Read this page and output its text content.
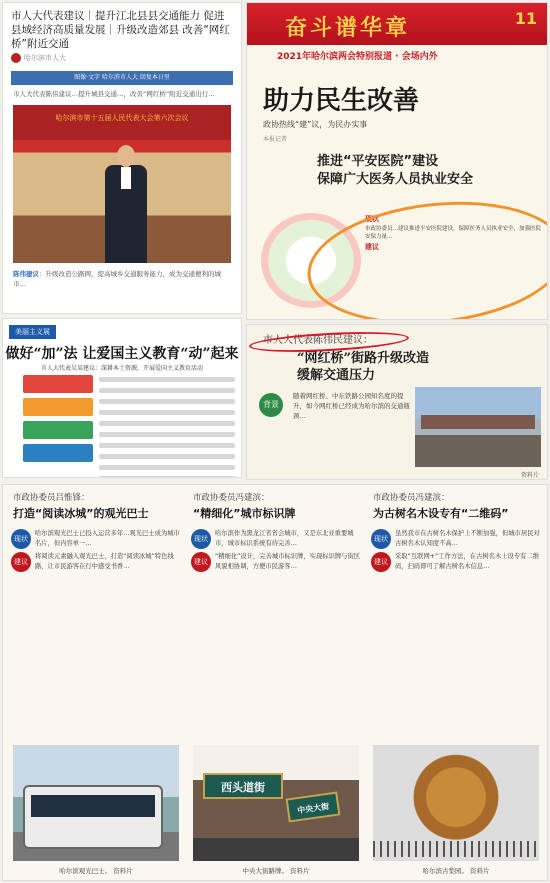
市人大代表建议｜提升江北县县交通能力 促进县域经济高质量发展｜升级改造郊县 改善“网红桥”附近交通
哈尔滨市人大
图像·文字 哈尔滨市人大 回复本日里
市人大代表陈伟建议…提升城县交通…，改善“网红桥”附近交通出行…
哈尔滨市第十五届人民代表大会第六次会议
陈伟建议：升级改造公路网，提高城乡交通服务能力，成为交通便利的城市…
奋斗谱华章	11
2021年哈尔滨两会特别报道 · 会场内外
助力民生改善
政协热线“建”议，为民办实事
本报记者
推进“平安医院”建设
保障广大医务人员执业安全
现状
市政协委员…建议推进平安医院建设，保障医务人员执业安全，加强医院安保力量…
建议
美丽主义展
做好“加”法 让爱国主义教育“动”起来
市人大代表吴某建议：深耕本土资源，开展爱国主义教育活动
市人大代表陈伟民建议：
“网红桥”街路升级改造
缓解交通压力
背景
随着网红桥、中东铁路公园知名度的提升，如今网红桥已经成为哈尔滨的交通瓶颈…
资料片
市政协委员吕惟锋：
打造“阅读冰城”的观光巴士
现状
哈尔滨观光巴士已投入运营多年…观光巴士成为城市名片，但内容单一…
建议
将阅读元素融入观光巴士，打造“阅读冰城”特色线路，让市民游客在行中感受书香…
哈尔滨观光巴士。 资料片
市政协委员冯建滨：
“精细化”城市标识牌
现状
哈尔滨作为黑龙江省省会城市，又是东北亚重要城市，城市标识系统有待完善…
建议
“精细化”设计，完善城市标识牌，实现标识牌与街区风貌相协调，方便市民游客…
西头道街
中央大街
中央大街路牌。 资料片
市政协委员冯建滨：
为古树名木设专有“二维码”
现状
虽然我市在古树名木保护上不断加强，但城市居民对古树名木认知度不高…
建议
采取“互联网+”工作方法，在古树名木上设专有二维码，扫码即可了解古树名木信息…
哈尔滨古梨园。 资料片
